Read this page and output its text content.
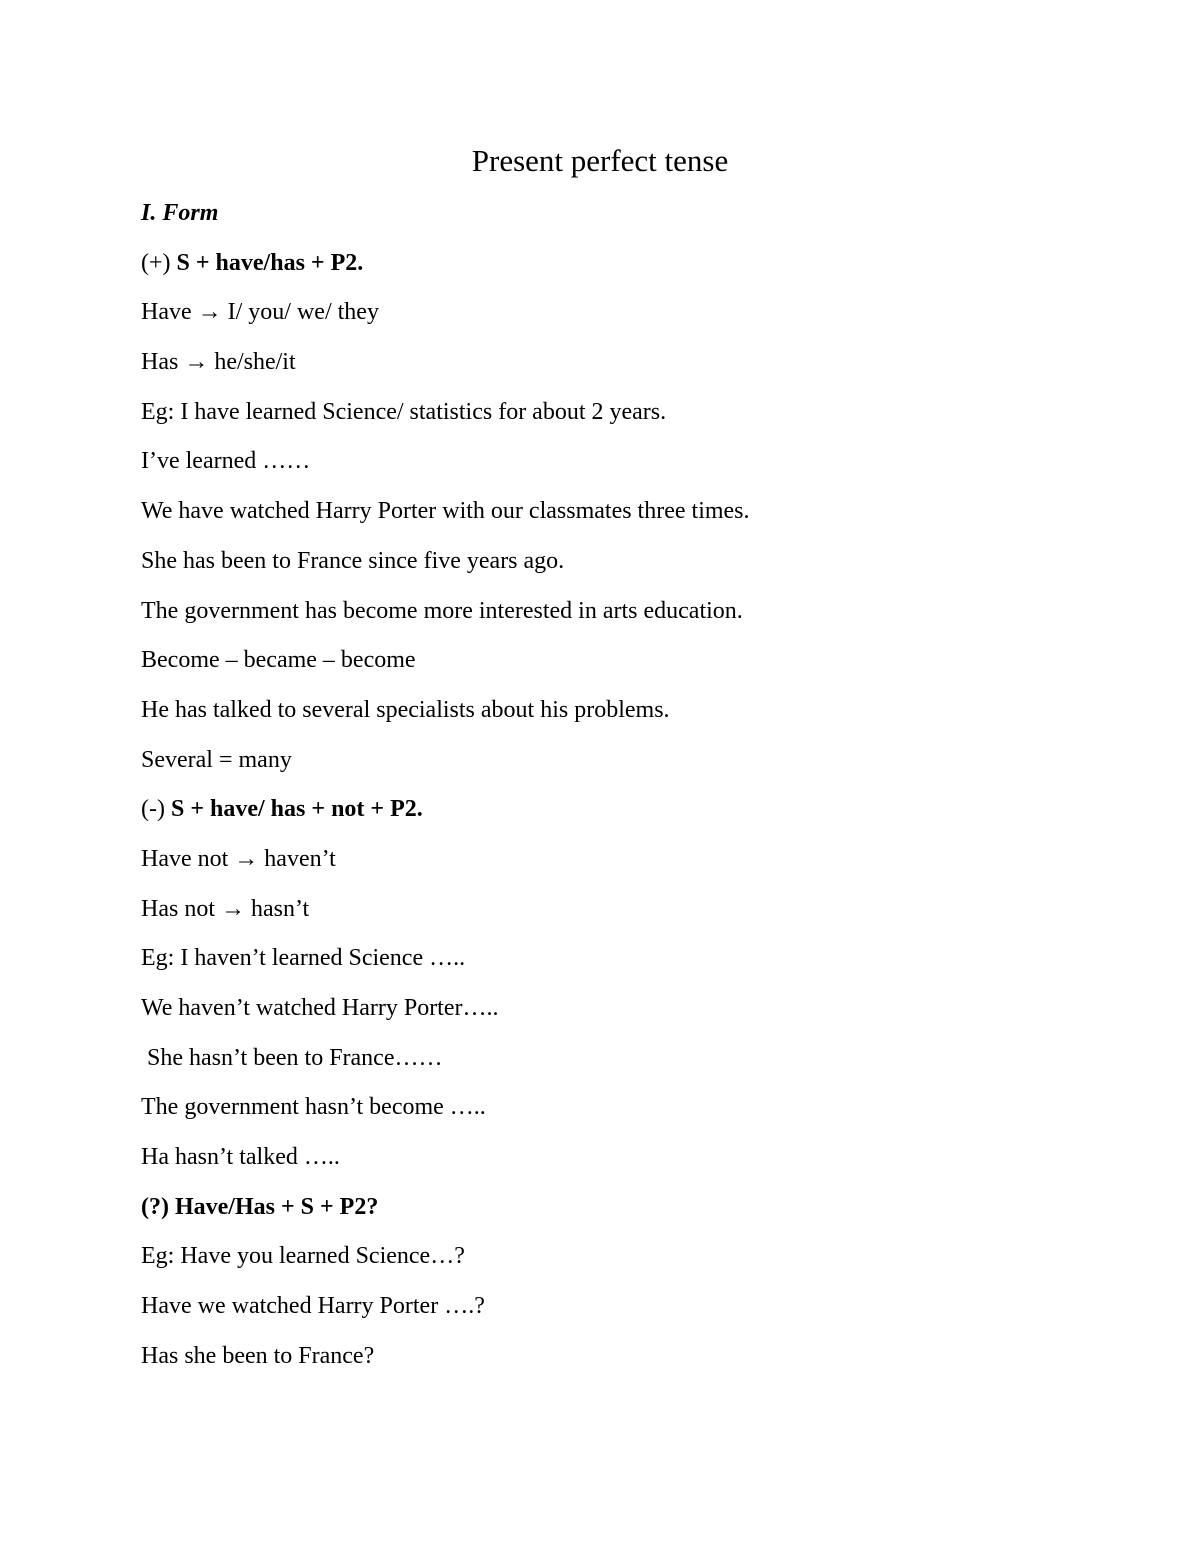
Present perfect tense

I. Form

(+) S + have/has + P2.

Have → I/ you/ we/ they

Has → he/she/it

Eg: I have learned Science/ statistics for about 2 years.

I’ve learned ……

We have watched Harry Porter with our classmates three times.

She has been to France since five years ago.

The government has become more interested in arts education.

Become – became – become

He has talked to several specialists about his problems.

Several = many

(-) S + have/ has + not + P2.

Have not → haven’t

Has not → hasn’t

Eg: I haven’t learned Science …..

We haven’t watched Harry Porter…..

She hasn’t been to France……

The government hasn’t become …..

Ha hasn’t talked …..

(?) Have/Has + S + P2?

Eg: Have you learned Science…?

Have we watched Harry Porter ….?

Has she been to France?
